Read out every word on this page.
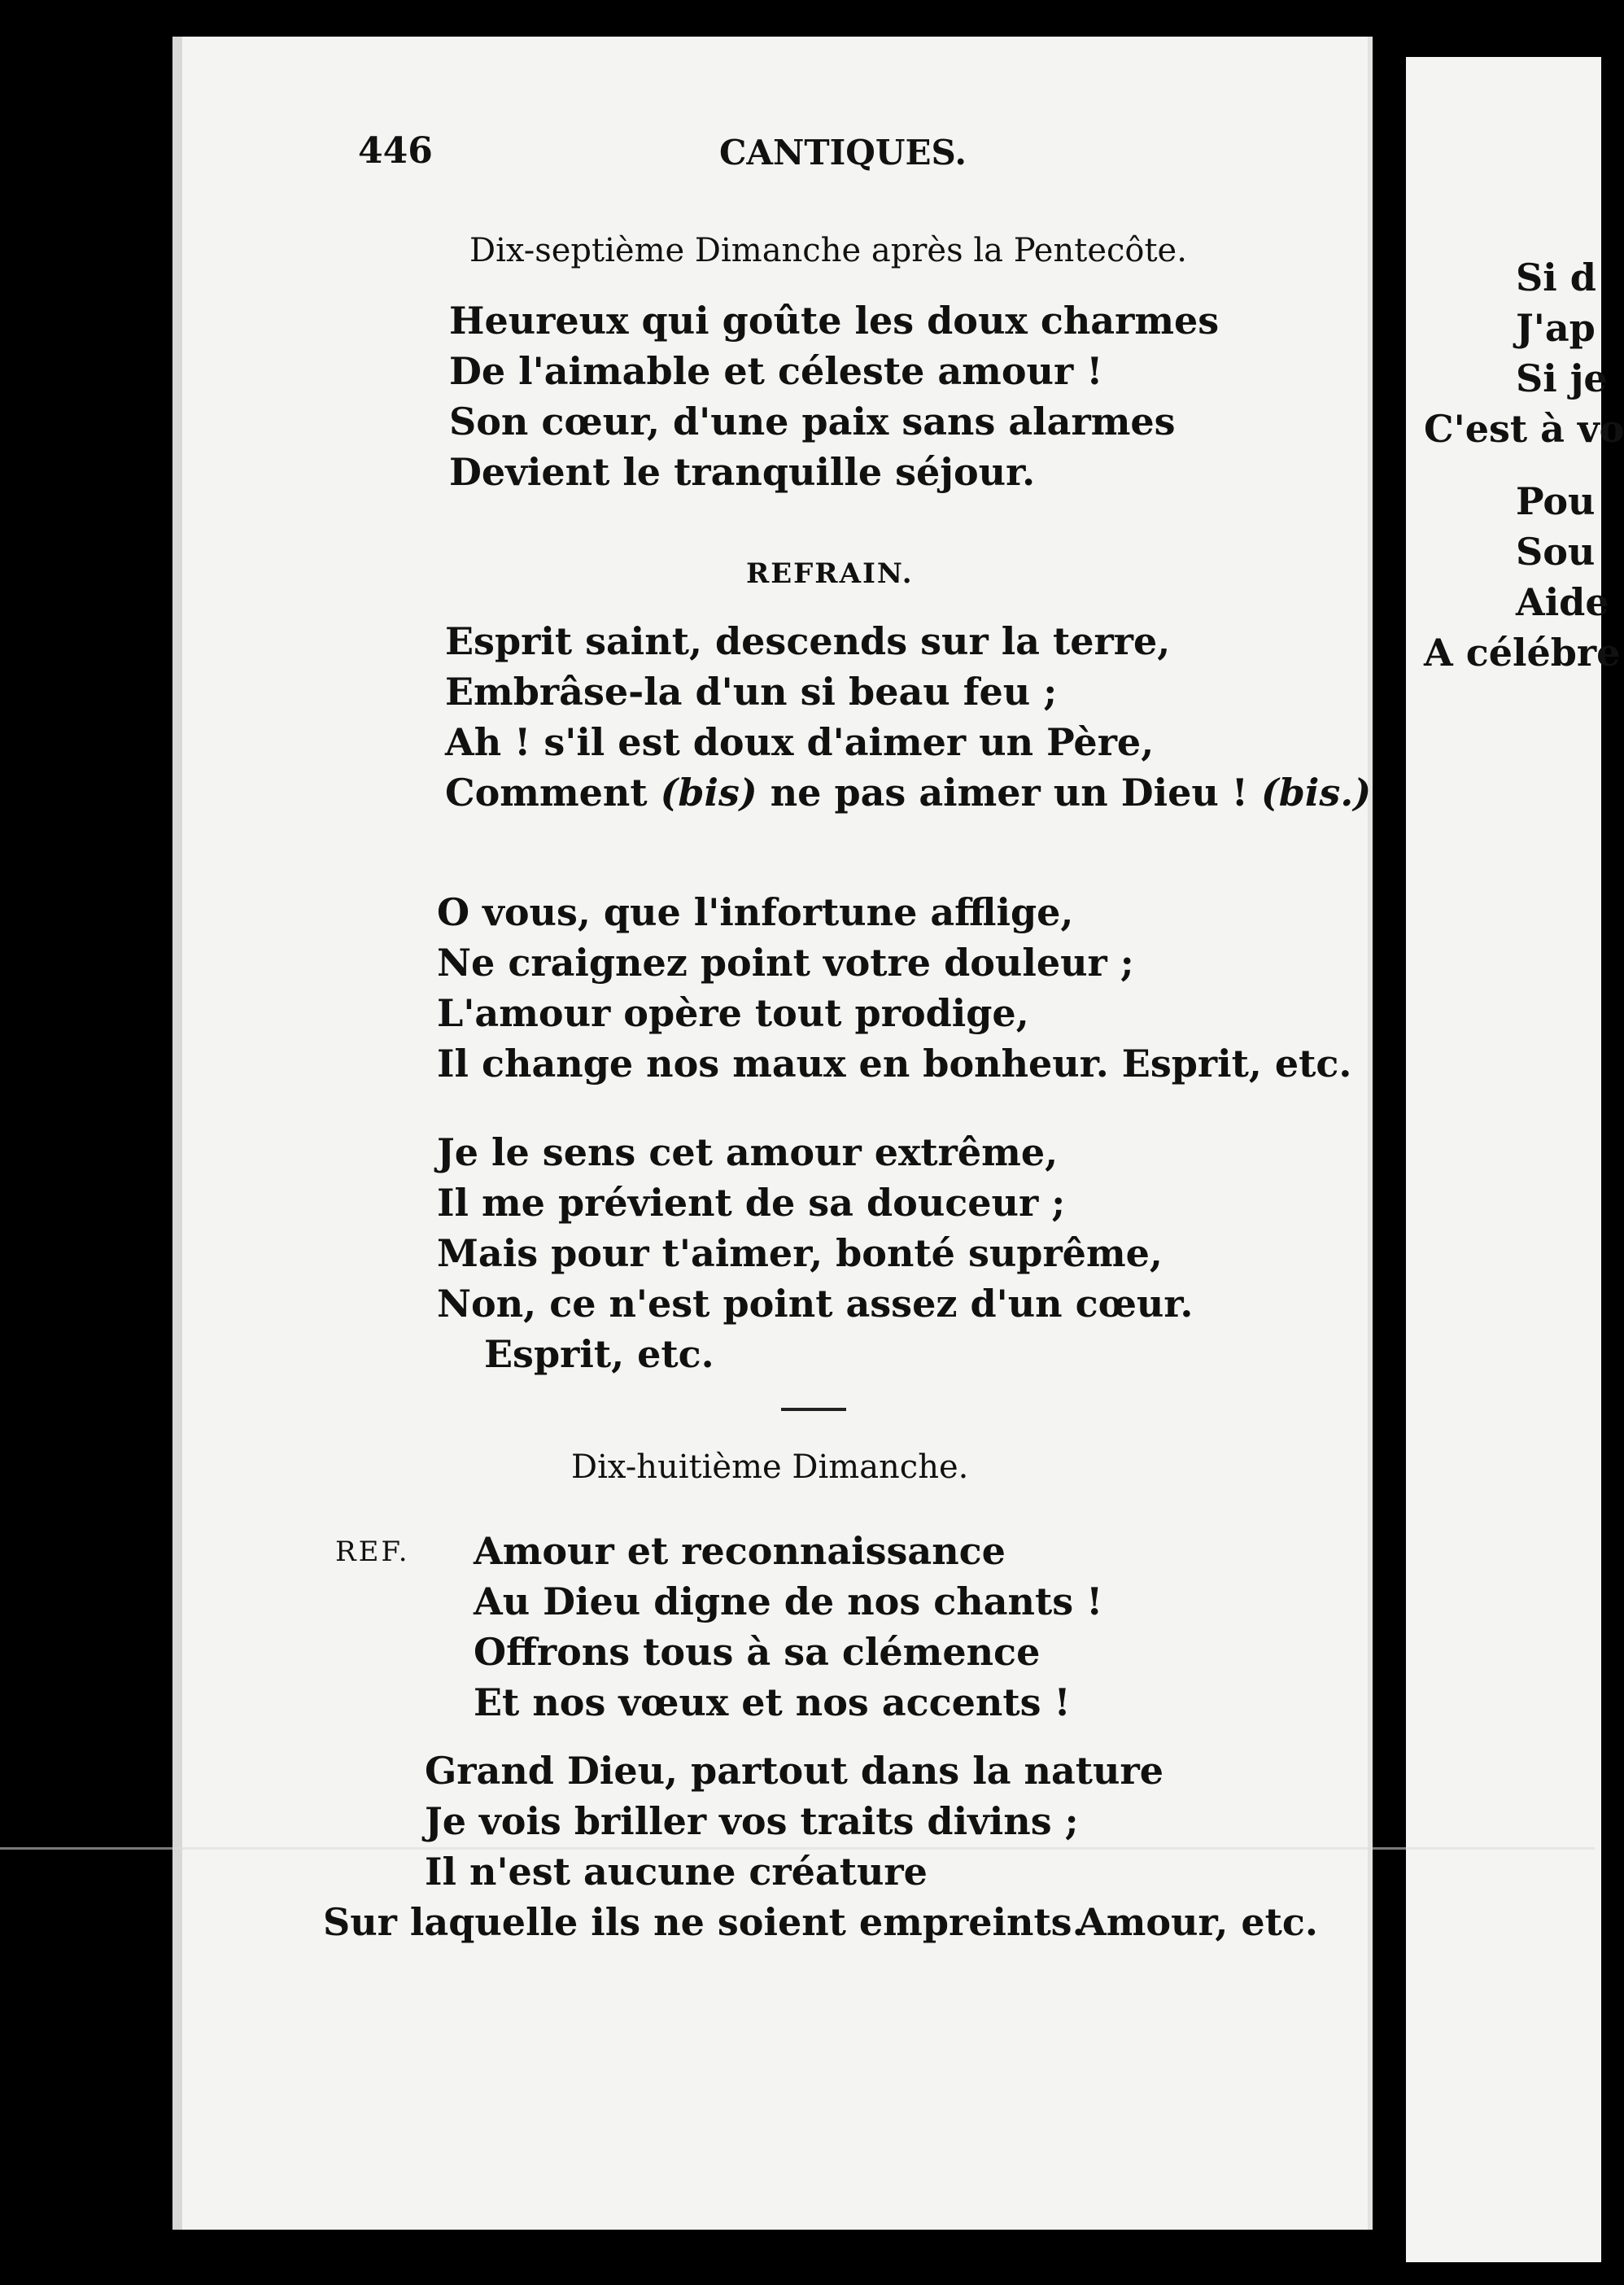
446	CANTIQUES.
Dix-septième Dimanche après la Pentecôte.
Heureux qui goûte les doux charmes
De l'aimable et céleste amour !
Son cœur, d'une paix sans alarmes
Devient le tranquille séjour.
REFRAIN.
Esprit saint, descends sur la terre,
Embrâse-la d'un si beau feu ;
Ah ! s'il est doux d'aimer un Père,
Comment (bis) ne pas aimer un Dieu ! (bis.)
O vous, que l'infortune afflige,
Ne craignez point votre douleur ;
L'amour opère tout prodige,
Il change nos maux en bonheur. Esprit, etc.
Je le sens cet amour extrême,
Il me prévient de sa douceur ;
Mais pour t'aimer, bonté suprême,
Non, ce n'est point assez d'un cœur.
Esprit, etc.
Dix-huitième Dimanche.
REF. Amour et reconnaissance
Au Dieu digne de nos chants !
Offrons tous à sa clémence
Et nos vœux et nos accents !
Grand Dieu, partout dans la nature
Je vois briller vos traits divins ;
Il n'est aucune créature
Sur laquelle ils ne soient empreints.
Amour, etc.
Si d
J'ap
Si je
C'est à vo
Pou
Sou
Aide
A célébre
